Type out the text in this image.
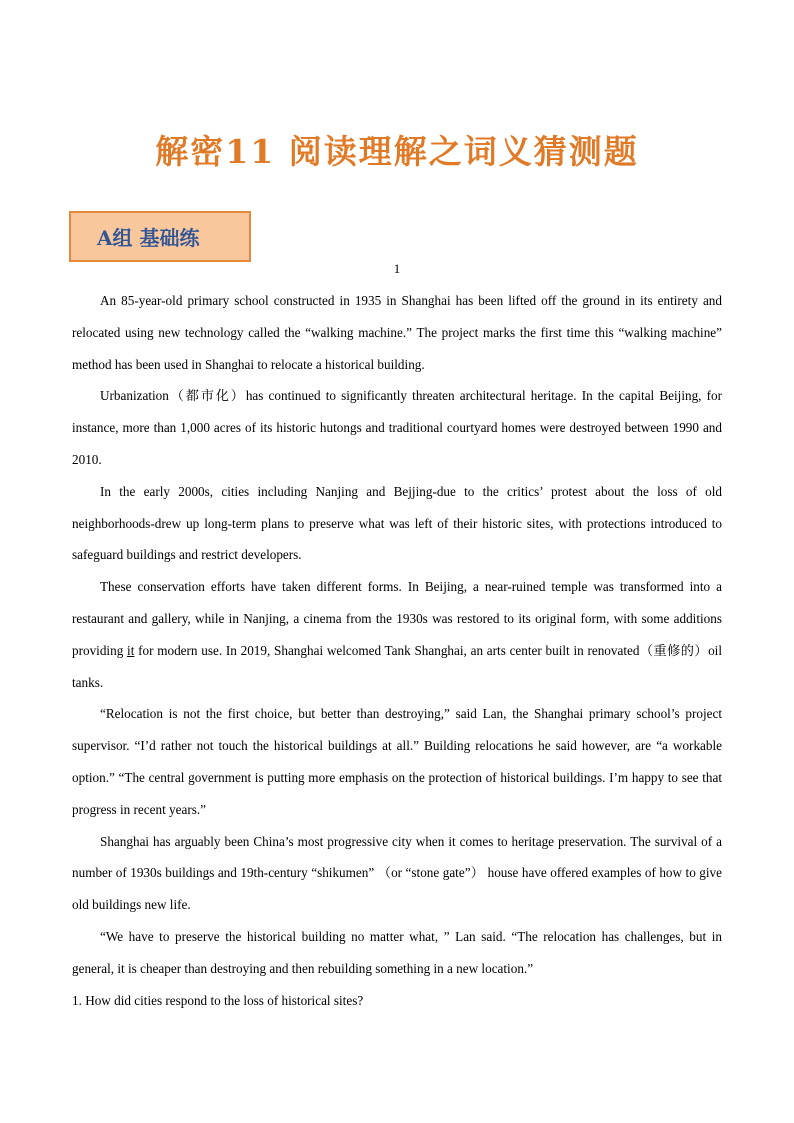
解密11 阅读理解之词义猜测题
A组 基础练
1

An 85-year-old primary school constructed in 1935 in Shanghai has been lifted off the ground in its entirety and relocated using new technology called the “walking machine.” The project marks the first time this “walking machine” method has been used in Shanghai to relocate a historical building.

Urbanization（都市化）has continued to significantly threaten architectural heritage. In the capital Beijing, for instance, more than 1,000 acres of its historic hutongs and traditional courtyard homes were destroyed between 1990 and 2010.

In the early 2000s, cities including Nanjing and Bejjing-due to the critics’ protest about the loss of old neighborhoods-drew up long-term plans to preserve what was left of their historic sites, with protections introduced to safeguard buildings and restrict developers.

These conservation efforts have taken different forms. In Beijing, a near-ruined temple was transformed into a restaurant and gallery, while in Nanjing, a cinema from the 1930s was restored to its original form, with some additions providing it for modern use. In 2019, Shanghai welcomed Tank Shanghai, an arts center built in renovated（重修的）oil tanks.

“Relocation is not the first choice, but better than destroying,” said Lan, the Shanghai primary school’s project supervisor. “I’d rather not touch the historical buildings at all.” Building relocations he said however, are “a workable option.” “The central government is putting more emphasis on the protection of historical buildings. I’m happy to see that progress in recent years.”

Shanghai has arguably been China’s most progressive city when it comes to heritage preservation. The survival of a number of 1930s buildings and 19th-century “shikumen” （or “stone gate”） house have offered examples of how to give old buildings new life.

“We have to preserve the historical building no matter what, ” Lan said. “The relocation has challenges, but in general, it is cheaper than destroying and then rebuilding something in a new location.”

1. How did cities respond to the loss of historical sites?
